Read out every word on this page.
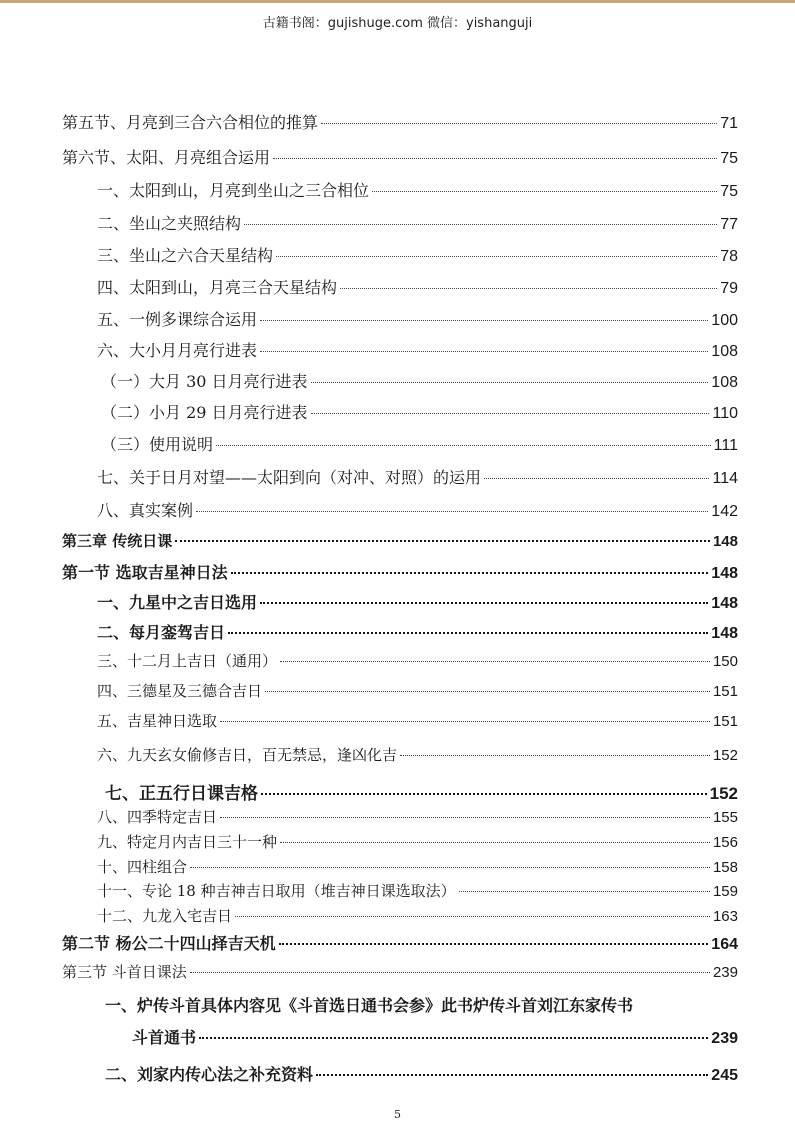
古籍书阁：gujishuge.com 微信：yishanguji
第五节、月亮到三合六合相位的推算	71
第六节、太阳、月亮组合运用	75
一、太阳到山，月亮到坐山之三合相位	75
二、坐山之夹照结构	77
三、坐山之六合天星结构	78
四、太阳到山，月亮三合天星结构	79
五、一例多课综合运用	100
六、大小月月亮行进表	108
（一）大月 30 日月亮行进表	108
（二）小月 29 日月亮行进表	110
（三）使用说明	111
七、关于日月对望——太阳到向（对冲、对照）的运用	114
八、真实案例	142
第三章 传统日课	148
第一节 选取吉星神日法	148
一、九星中之吉日选用	148
二、每月銮驾吉日	148
三、十二月上吉日（通用）	150
四、三德星及三德合吉日	151
五、吉星神日选取	151
六、九天玄女偷修吉日，百无禁忌，逢凶化吉	152
七、正五行日课吉格	152
八、四季特定吉日	155
九、特定月内吉日三十一种	156
十、四柱组合	158
十一、专论 18 种吉神吉日取用（堆吉神日课选取法）	159
十二、九龙入宅吉日	163
第二节 杨公二十四山择吉天机	164
第三节 斗首日课法	239
一、炉传斗首具体内容见《斗首选日通书会参》此书炉传斗首刘江东家传书
斗首通书	239
二、刘家内传心法之补充资料	245
5
